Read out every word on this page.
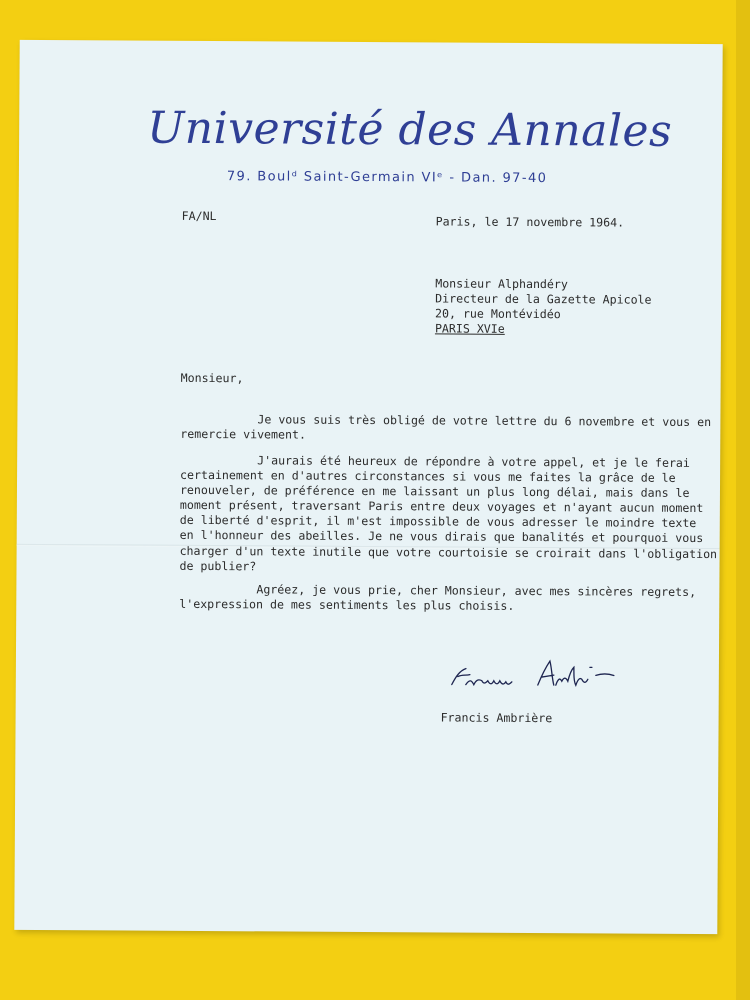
Université des Annales
79. Boulᵈ Saint-Germain VIᵉ - Dan. 97-40
FA/NL	Paris, le 17 novembre 1964.
Monsieur Alphandéry
Directeur de la Gazette Apicole
20, rue Montévidéo
PARIS XVIe
Monsieur,
Je vous suis très obligé de votre lettre du 6 novembre et vous en
remercie vivement.
J'aurais été heureux de répondre à votre appel, et je le ferai
certainement en d'autres circonstances si vous me faites la grâce de le
renouveler, de préférence en me laissant un plus long délai, mais dans le
moment présent, traversant Paris entre deux voyages et n'ayant aucun moment
de liberté d'esprit, il m'est impossible de vous adresser le moindre texte
en l'honneur des abeilles. Je ne vous dirais que banalités et pourquoi vous
charger d'un texte inutile que votre courtoisie se croirait dans l'obligation
de publier?
Agréez, je vous prie, cher Monsieur, avec mes sincères regrets,
l'expression de mes sentiments les plus choisis.
Francis Ambrière
